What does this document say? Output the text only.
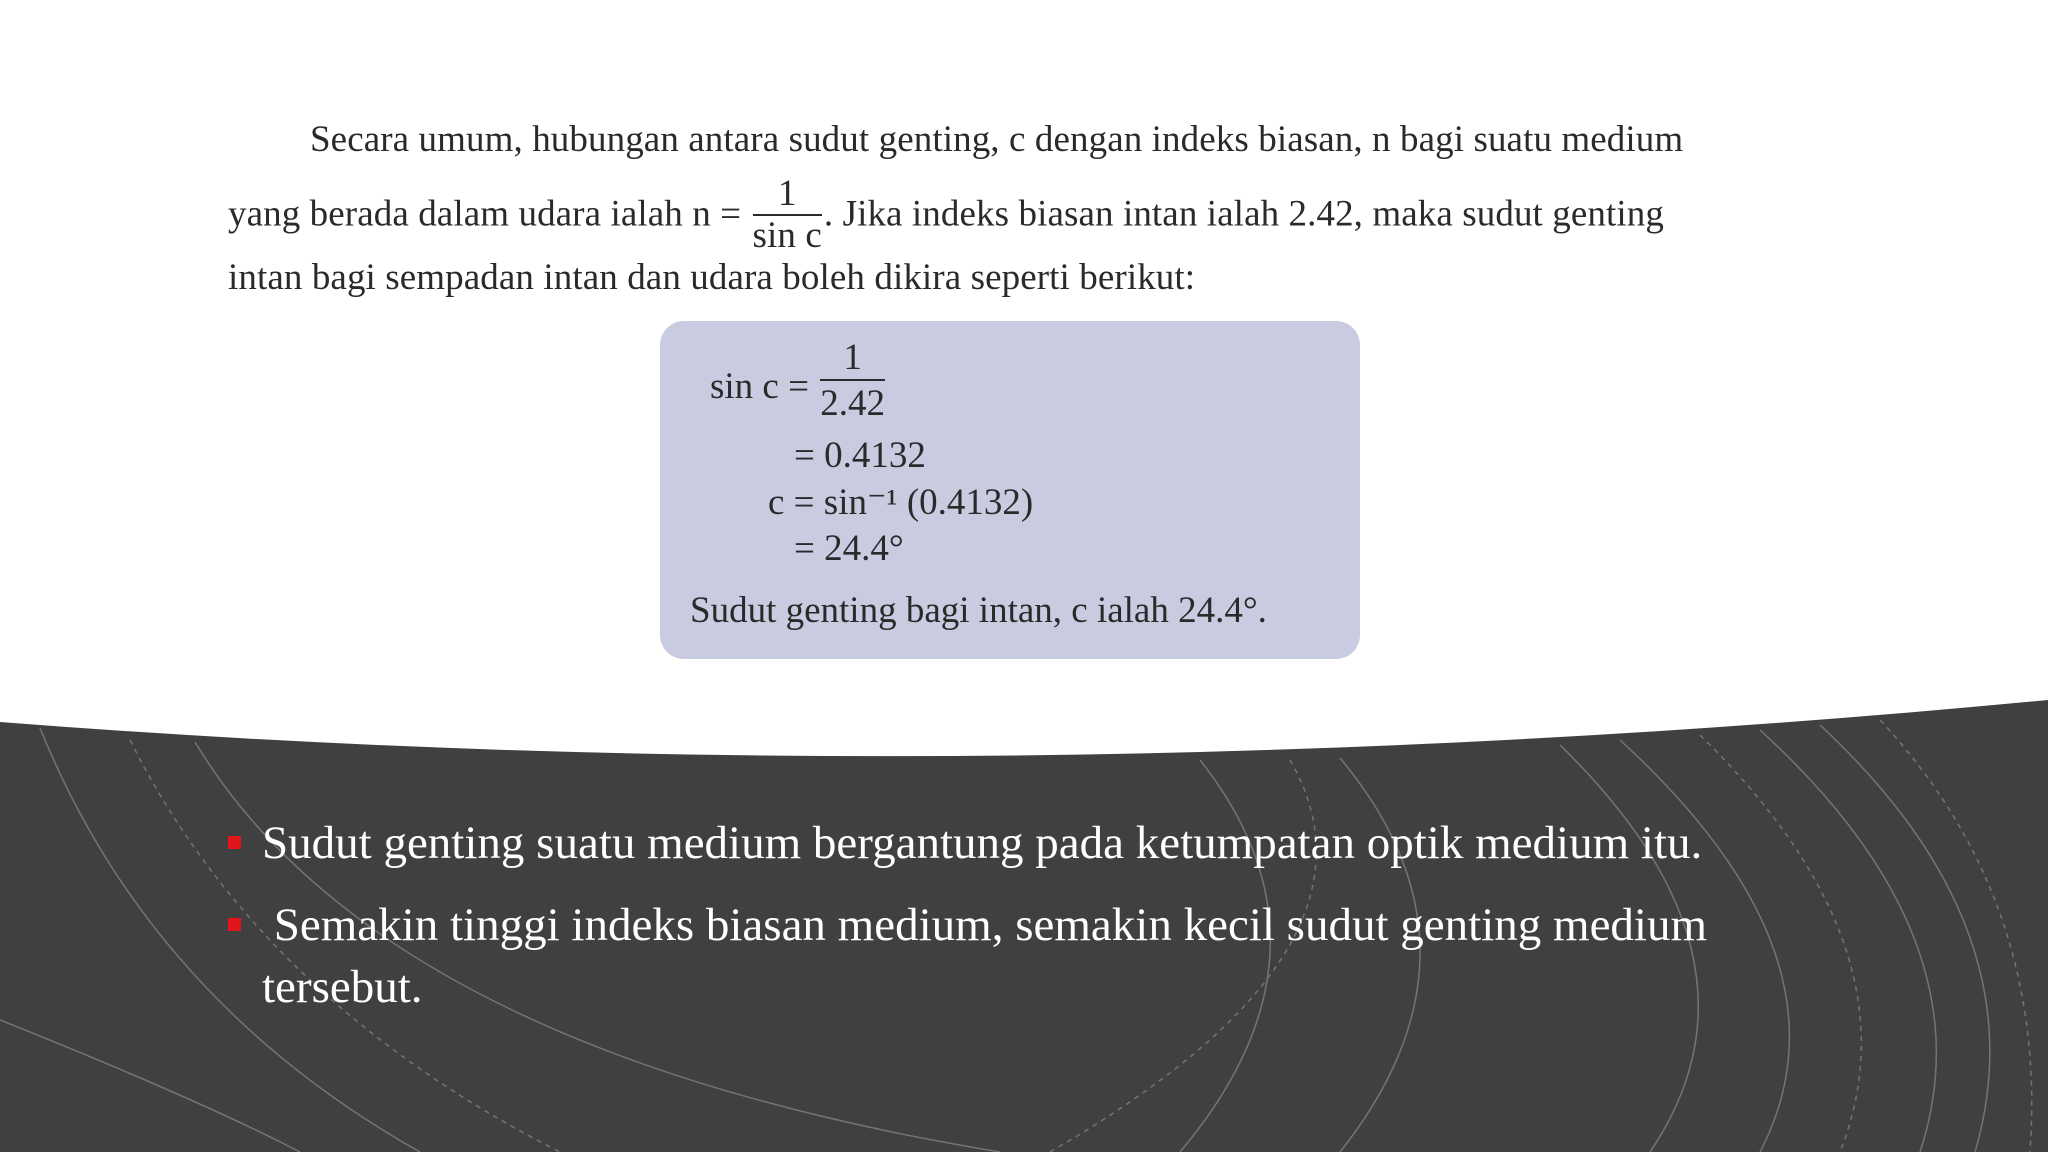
Secara umum, hubungan antara sudut genting, c dengan indeks biasan, n bagi suatu medium
yang berada dalam udara ialah $n = \frac{1}{\text{sin c}}$ . Jika indeks biasan intan ialah 2.42, maka sudut genting
intan bagi sempadan intan dan udara boleh dikira seperti berikut:
$\sin c = \frac{1}{2.42}$
= 0.4132
c = sin⁻¹ (0.4132)
= 24.4°
Sudut genting bagi intan, c ialah 24.4°.
Sudut genting suatu medium bergantung pada ketumpatan optik medium itu.
Semakin tinggi indeks biasan medium, semakin kecil sudut genting medium tersebut.
